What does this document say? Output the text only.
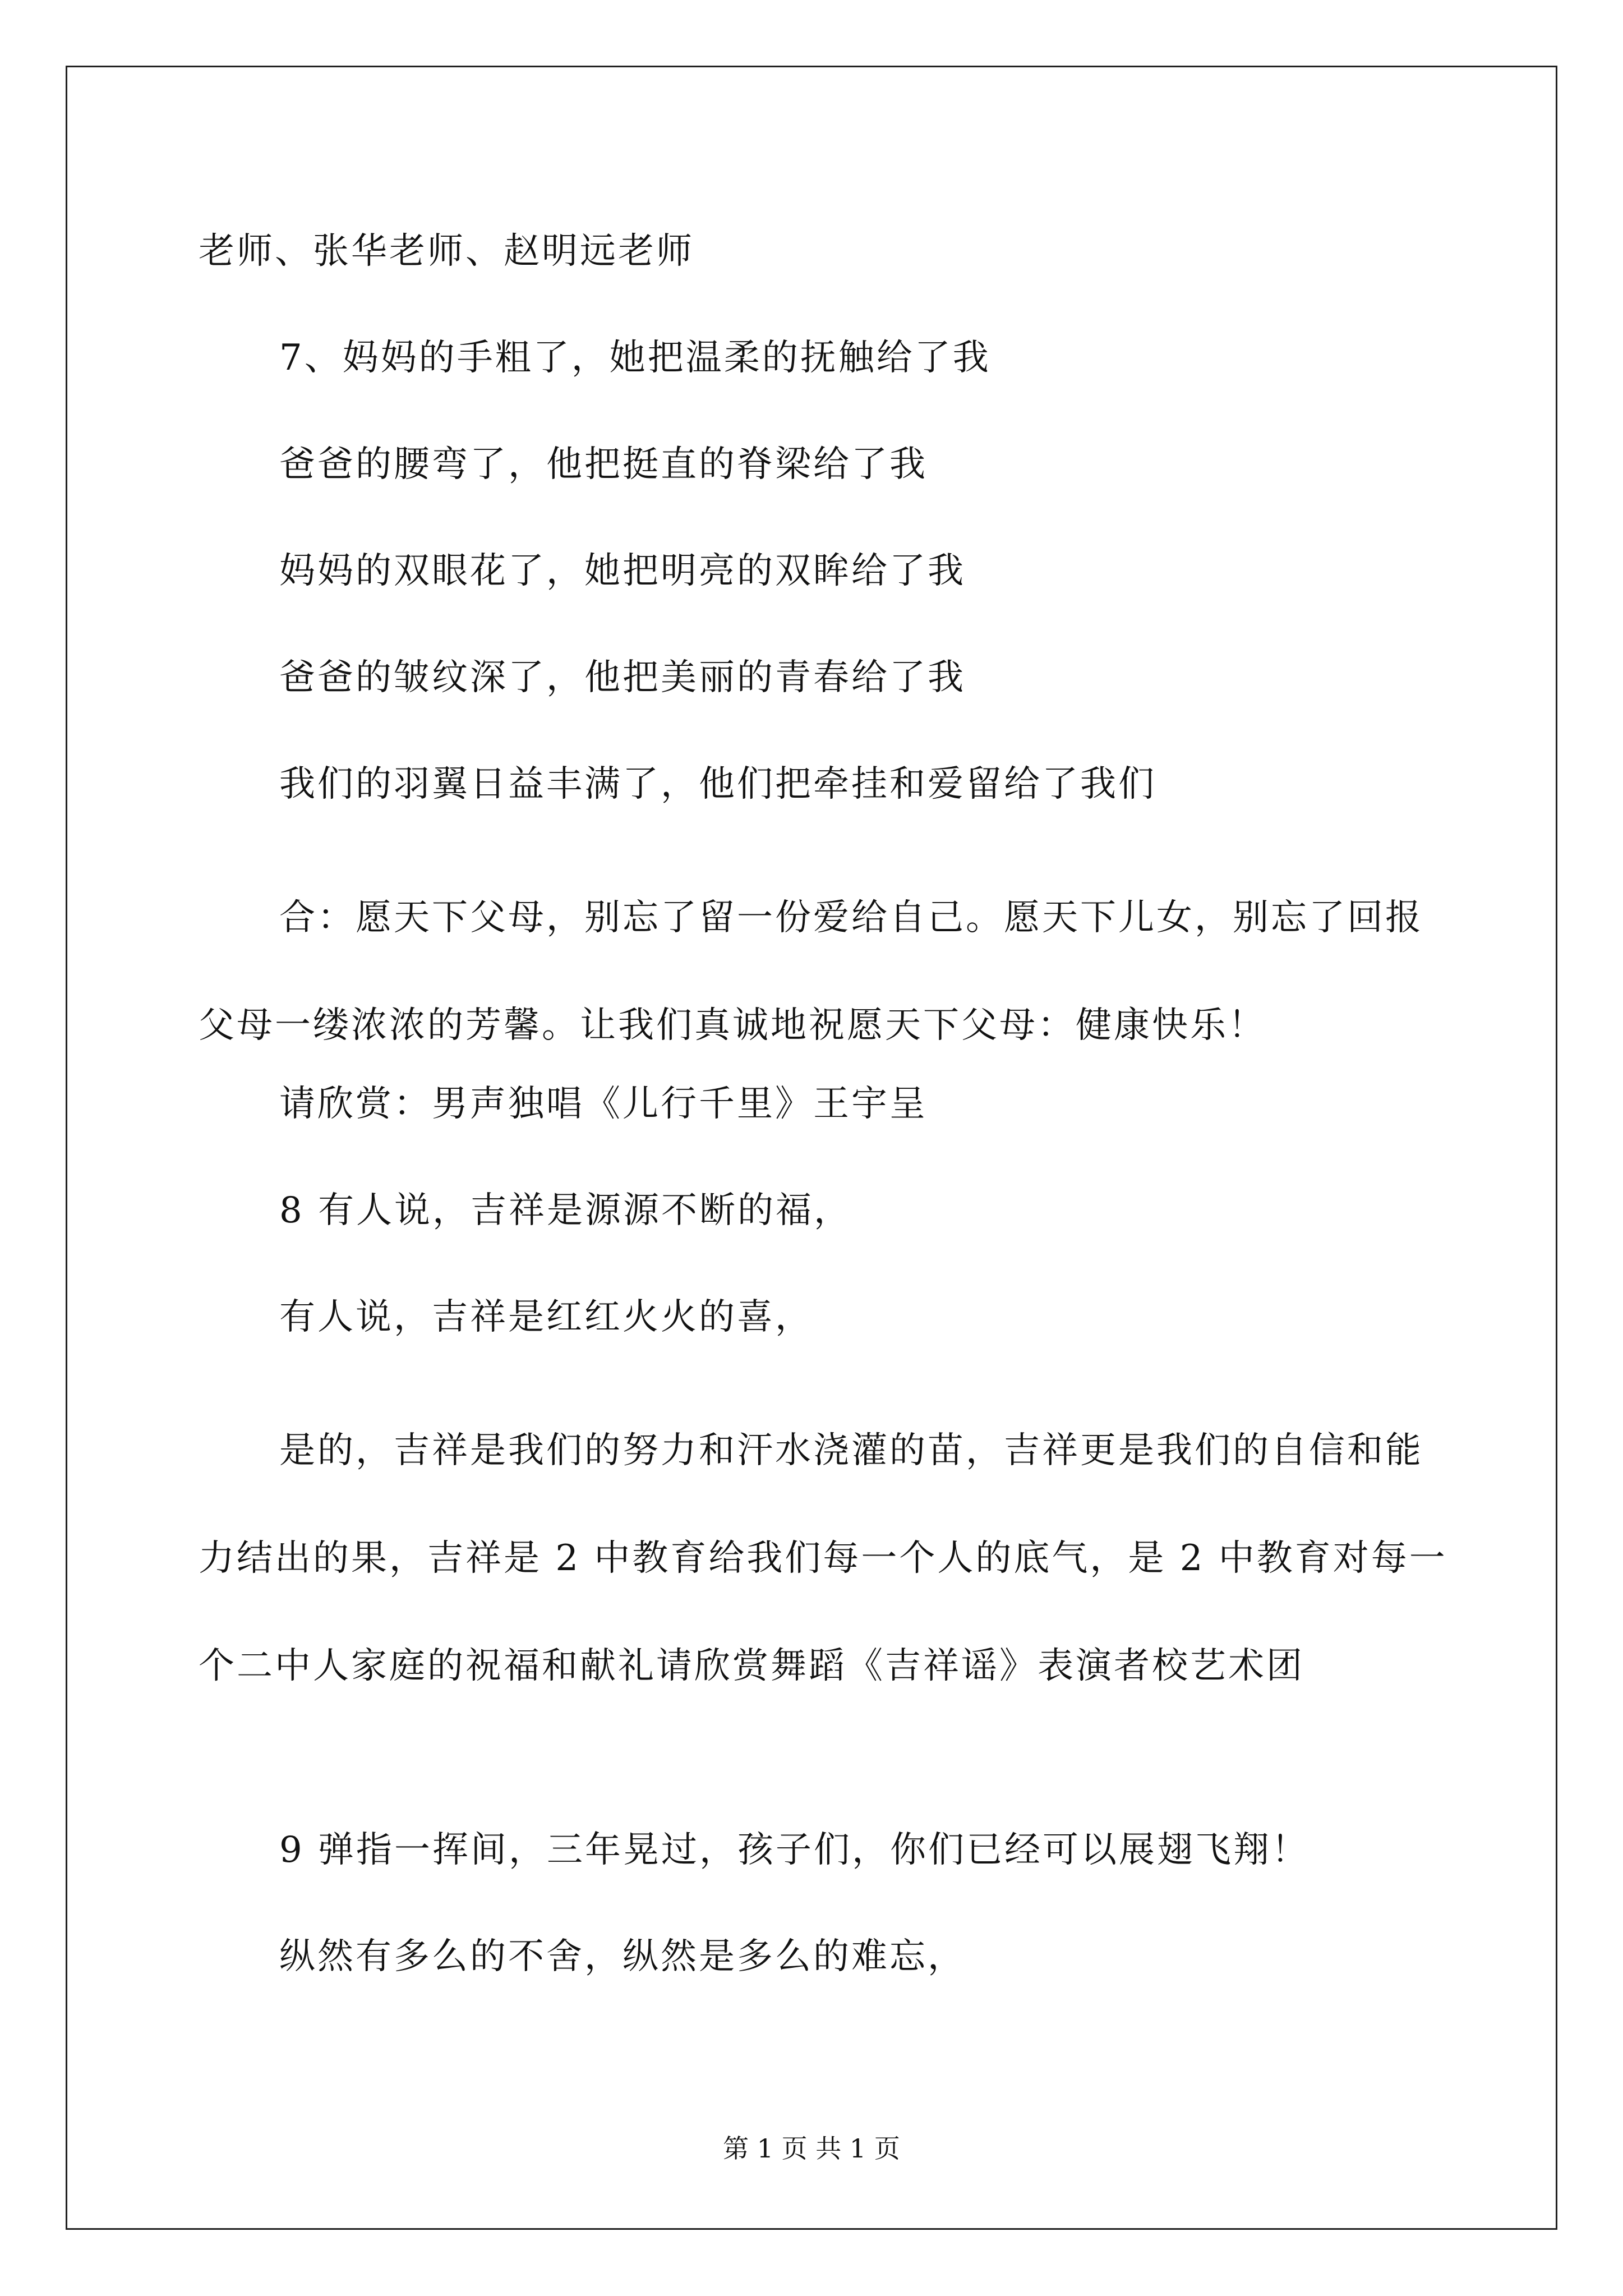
老师、张华老师、赵明远老师

7、妈妈的手粗了，她把温柔的抚触给了我

爸爸的腰弯了，他把挺直的脊梁给了我

妈妈的双眼花了，她把明亮的双眸给了我

爸爸的皱纹深了，他把美丽的青春给了我

我们的羽翼日益丰满了，他们把牵挂和爱留给了我们

合：愿天下父母，别忘了留一份爱给自己。愿天下儿女，别忘了回报父母一缕浓浓的芳馨。让我们真诚地祝愿天下父母：健康快乐！

请欣赏：男声独唱《儿行千里》王宇呈

8 有人说，吉祥是源源不断的福，

有人说，吉祥是红红火火的喜，

是的，吉祥是我们的努力和汗水浇灌的苗，吉祥更是我们的自信和能力结出的果，吉祥是 2 中教育给我们每一个人的底气，是 2 中教育对每一个二中人家庭的祝福和献礼请欣赏舞蹈《吉祥谣》表演者校艺术团

9 弹指一挥间，三年晃过，孩子们，你们已经可以展翅飞翔！

纵然有多么的不舍，纵然是多么的难忘，

第 1 页 共 1 页
